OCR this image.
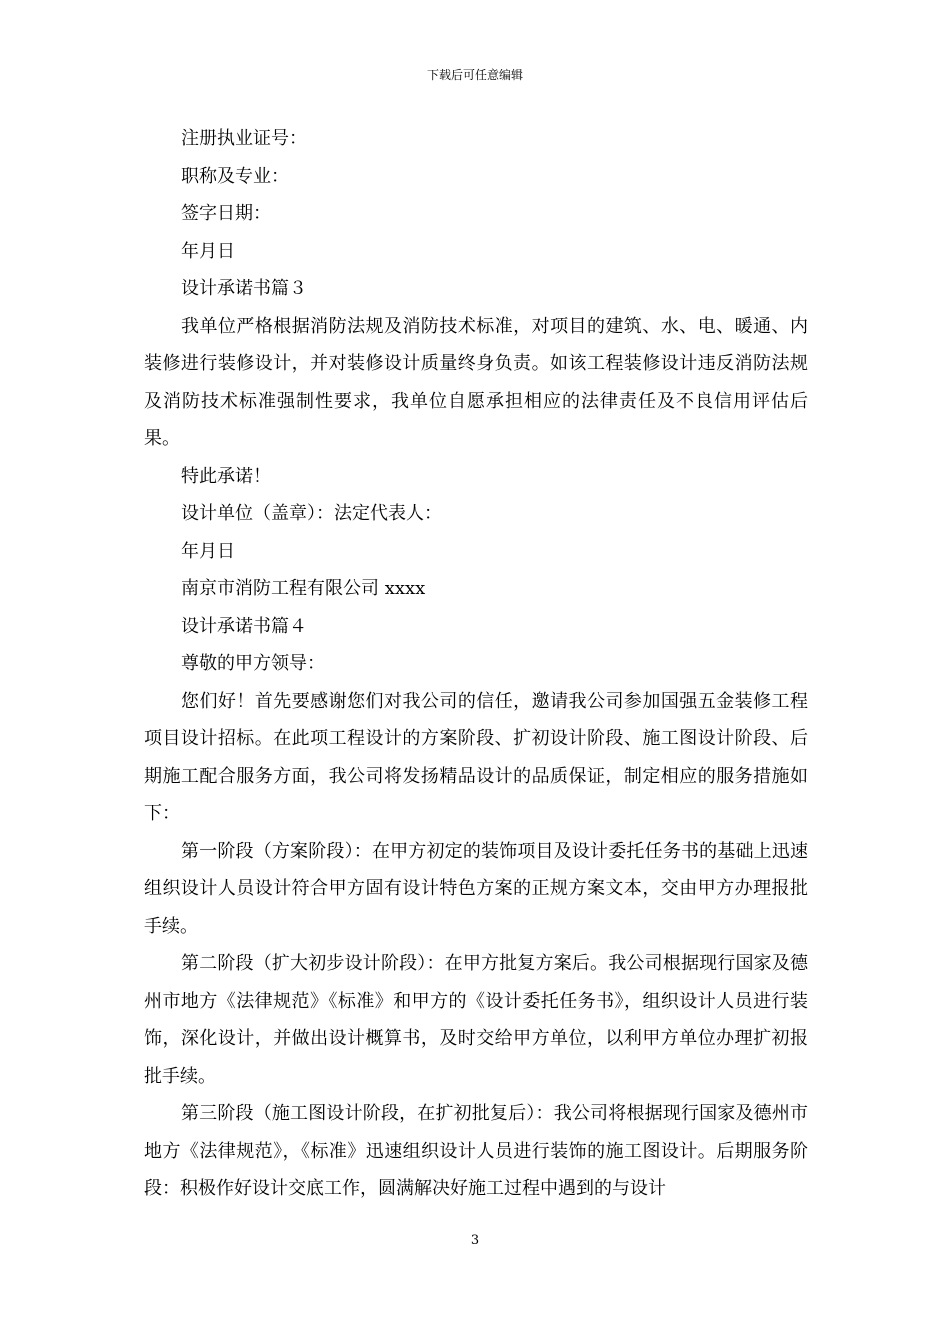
下载后可任意编辑

注册执业证号：

职称及专业：

签字日期：

年月日

设计承诺书篇３

我单位严格根据消防法规及消防技术标准，对项目的建筑、水、电、暖通、内装修进行装修设计，并对装修设计质量终身负责。如该工程装修设计违反消防法规及消防技术标准强制性要求，我单位自愿承担相应的法律责任及不良信用评估后果。

特此承诺！

设计单位（盖章）：法定代表人：

年月日

南京市消防工程有限公司 xxxx

设计承诺书篇４

尊敬的甲方领导：

您们好！首先要感谢您们对我公司的信任，邀请我公司参加国强五金装修工程项目设计招标。在此项工程设计的方案阶段、扩初设计阶段、施工图设计阶段、后期施工配合服务方面，我公司将发扬精品设计的品质保证，制定相应的服务措施如下：

第一阶段（方案阶段）：在甲方初定的装饰项目及设计委托任务书的基础上迅速组织设计人员设计符合甲方固有设计特色方案的正规方案文本，交由甲方办理报批手续。

第二阶段（扩大初步设计阶段）：在甲方批复方案后。我公司根据现行国家及德州市地方《法律规范》《标准》和甲方的《设计委托任务书》，组织设计人员进行装饰，深化设计，并做出设计概算书，及时交给甲方单位，以利甲方单位办理扩初报批手续。

第三阶段（施工图设计阶段，在扩初批复后）：我公司将根据现行国家及德州市地方《法律规范》，《标准》迅速组织设计人员进行装饰的施工图设计。后期服务阶段：积极作好设计交底工作，圆满解决好施工过程中遇到的与设计

3
